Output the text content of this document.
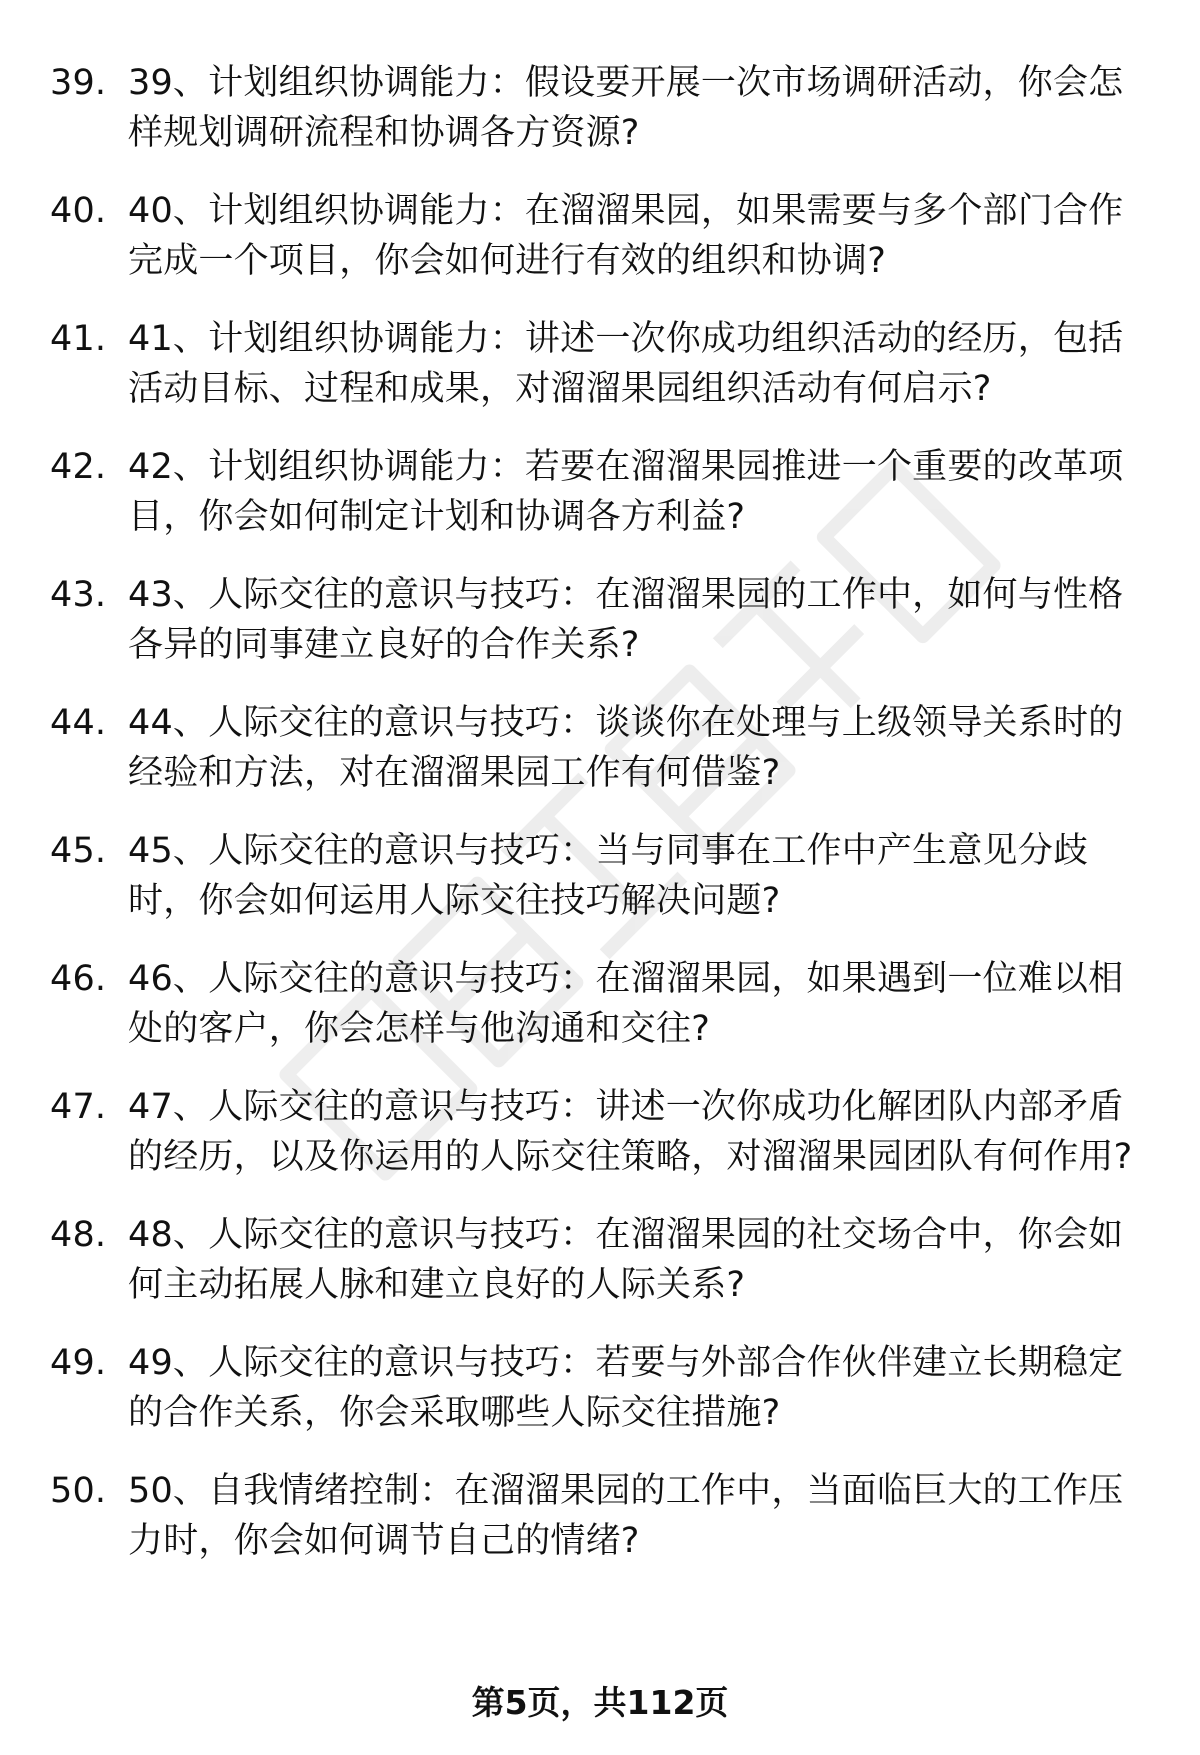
39. 39、计划组织协调能力：假设要开展一次市场调研活动，你会怎样规划调研流程和协调各方资源?
40. 40、计划组织协调能力：在溜溜果园，如果需要与多个部门合作完成一个项目，你会如何进行有效的组织和协调?
41. 41、计划组织协调能力：讲述一次你成功组织活动的经历，包括活动目标、过程和成果，对溜溜果园组织活动有何启示?
42. 42、计划组织协调能力：若要在溜溜果园推进一个重要的改革项目，你会如何制定计划和协调各方利益?
43. 43、人际交往的意识与技巧：在溜溜果园的工作中，如何与性格各异的同事建立良好的合作关系?
44. 44、人际交往的意识与技巧：谈谈你在处理与上级领导关系时的经验和方法，对在溜溜果园工作有何借鉴?
45. 45、人际交往的意识与技巧：当与同事在工作中产生意见分歧时，你会如何运用人际交往技巧解决问题?
46. 46、人际交往的意识与技巧：在溜溜果园，如果遇到一位难以相处的客户，你会怎样与他沟通和交往?
47. 47、人际交往的意识与技巧：讲述一次你成功化解团队内部矛盾的经历，以及你运用的人际交往策略，对溜溜果园团队有何作用?
48. 48、人际交往的意识与技巧：在溜溜果园的社交场合中，你会如何主动拓展人脉和建立良好的人际关系?
49. 49、人际交往的意识与技巧：若要与外部合作伙伴建立长期稳定的合作关系，你会采取哪些人际交往措施?
50. 50、自我情绪控制：在溜溜果园的工作中，当面临巨大的工作压力时，你会如何调节自己的情绪?
第5页，共112页
